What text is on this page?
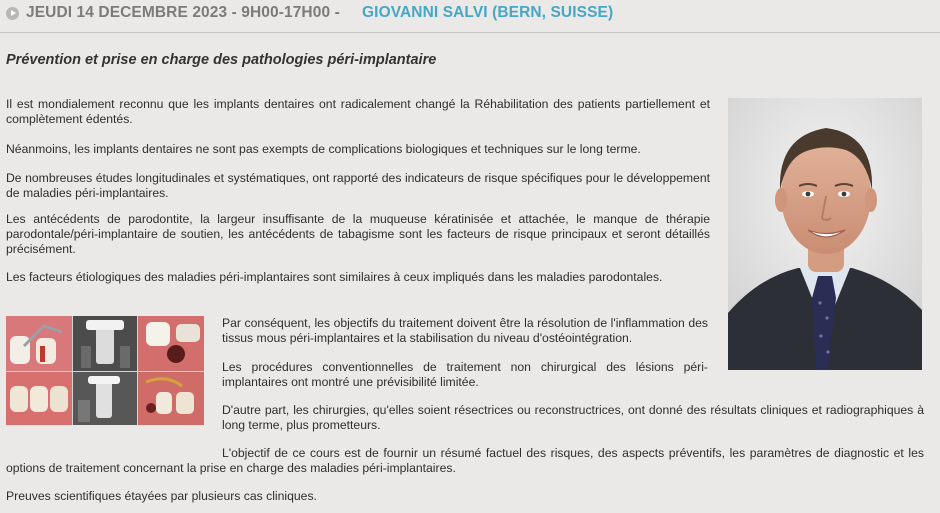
JEUDI 14 DECEMBRE 2023 - 9H00-17H00 - GIOVANNI SALVI (BERN, SUISSE)
Prévention et prise en charge des pathologies péri-implantaire

Il est mondialement reconnu que les implants dentaires ont radicalement changé la Réhabilitation des patients partiellement et complètement édentés.

Néanmoins, les implants dentaires ne sont pas exempts de complications biologiques et techniques sur le long terme.

De nombreuses études longitudinales et systématiques, ont rapporté des indicateurs de risque spécifiques pour le développement de maladies péri-implantaires.

Les antécédents de parodontite, la largeur insuffisante de la muqueuse kératinisée et attachée, le manque de thérapie parodontale/péri-implantaire de soutien, les antécédents de tabagisme sont les facteurs de risque principaux et seront détaillés précisément.

Les facteurs étiologiques des maladies péri-implantaires sont similaires à ceux impliqués dans les maladies parodontales.

Par conséquent, les objectifs du traitement doivent être la résolution de l'inflammation des tissus mous péri-implantaires et la stabilisation du niveau d'ostéointégration.

Les procédures conventionnelles de traitement non chirurgical des lésions péri-implantaires ont montré une prévisibilité limitée.

D'autre part, les chirurgies, qu'elles soient résectrices ou reconstructrices, ont donné des résultats cliniques et radiographiques à long terme, plus prometteurs.

L'objectif de ce cours est de fournir un résumé factuel des risques, des aspects préventifs, les paramètres de diagnostic et les options de traitement concernant la prise en charge des maladies péri-implantaires.

Preuves scientifiques étayées par plusieurs cas cliniques.
